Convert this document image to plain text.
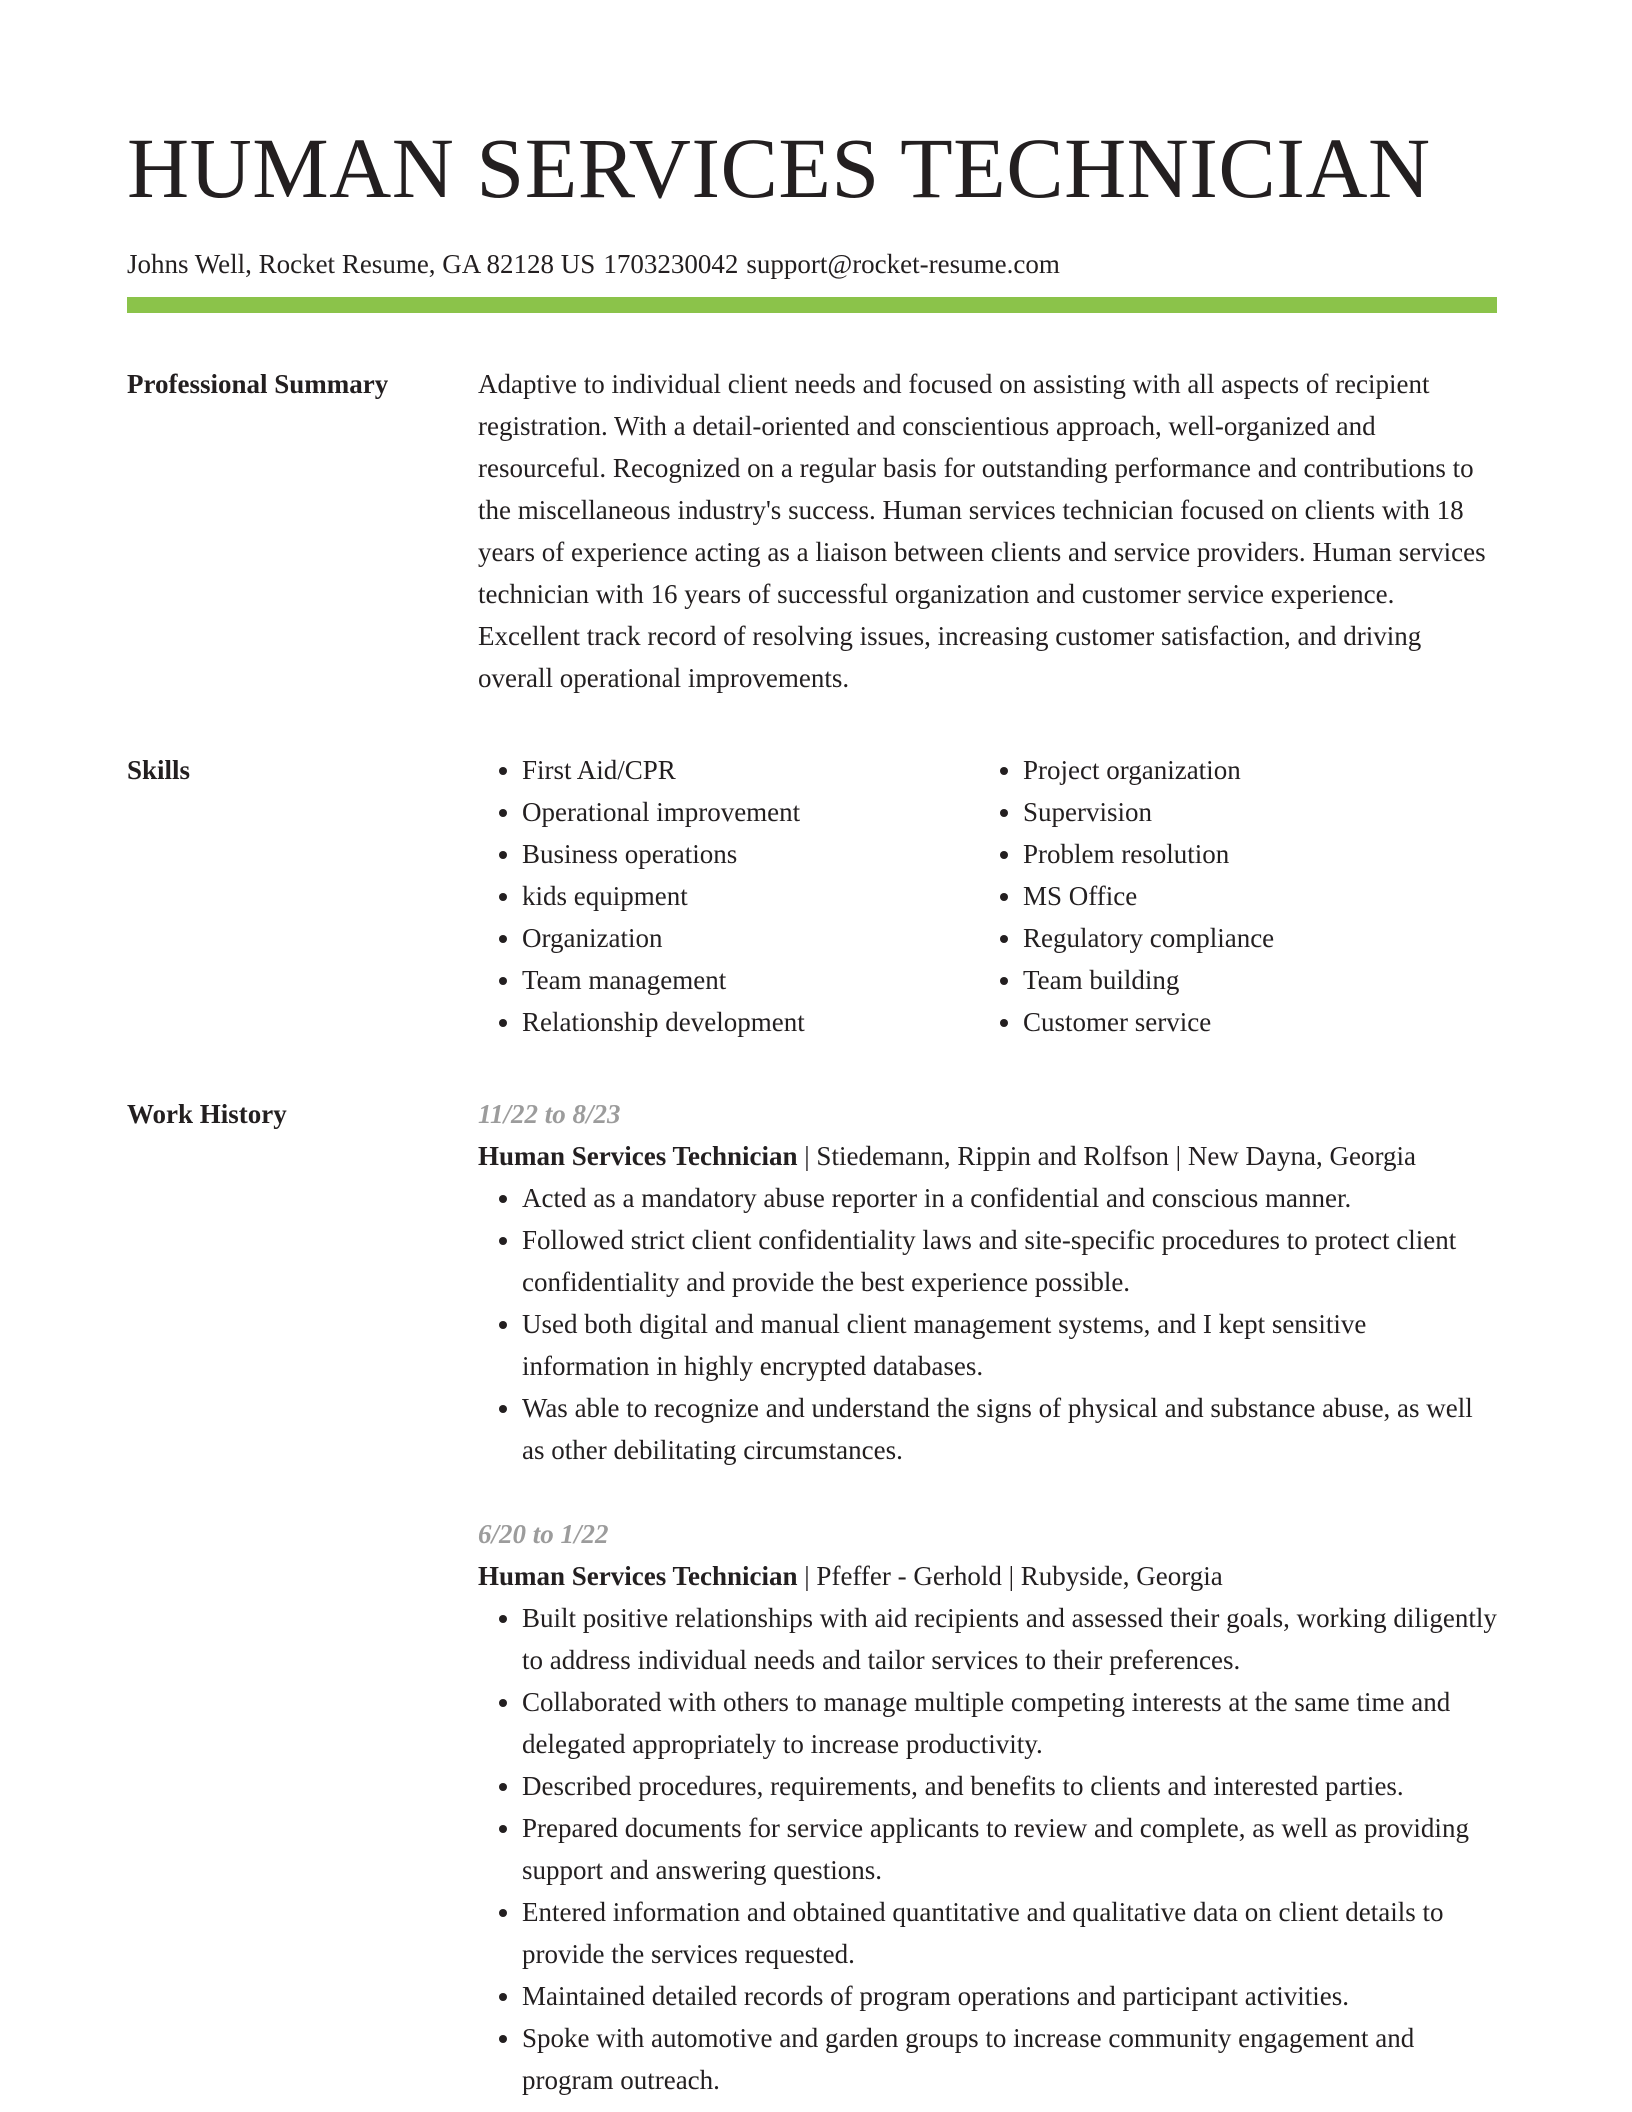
HUMAN SERVICES TECHNICIAN
Johns Well, Rocket Resume, GA 82128 US 1703230042 support@rocket-resume.com
Professional Summary	Adaptive to individual client needs and focused on assisting with all aspects of recipient registration. With a detail-oriented and conscientious approach, well-organized and resourceful. Recognized on a regular basis for outstanding performance and contributions to the miscellaneous industry's success. Human services technician focused on clients with 18 years of experience acting as a liaison between clients and service providers. Human services technician with 16 years of successful organization and customer service experience. Excellent track record of resolving issues, increasing customer satisfaction, and driving overall operational improvements.

Skills
•	First Aid/CPR
• Operational improvement
• Business operations
• kids equipment
• Organization
• Team management
• Relationship development
• Project organization
• Supervision
• Problem resolution
• MS Office
• Regulatory compliance
• Team building
• Customer service
Work History	11/22 to 8/23
Human Services Technician | Stiedemann, Rippin and Rolfson | New Dayna, Georgia
• Acted as a mandatory abuse reporter in a confidential and conscious manner.
• Followed strict client confidentiality laws and site-specific procedures to protect client confidentiality and provide the best experience possible.
• Used both digital and manual client management systems, and I kept sensitive information in highly encrypted databases.
• Was able to recognize and understand the signs of physical and substance abuse, as well as other debilitating circumstances.
6/20 to 1/22
Human Services Technician | Pfeffer - Gerhold | Rubyside, Georgia
• Built positive relationships with aid recipients and assessed their goals, working diligently to address individual needs and tailor services to their preferences.
• Collaborated with others to manage multiple competing interests at the same time and delegated appropriately to increase productivity.
• Described procedures, requirements, and benefits to clients and interested parties.
• Prepared documents for service applicants to review and complete, as well as providing support and answering questions.
• Entered information and obtained quantitative and qualitative data on client details to provide the services requested.
• Maintained detailed records of program operations and participant activities.
• Spoke with automotive and garden groups to increase community engagement and program outreach.
